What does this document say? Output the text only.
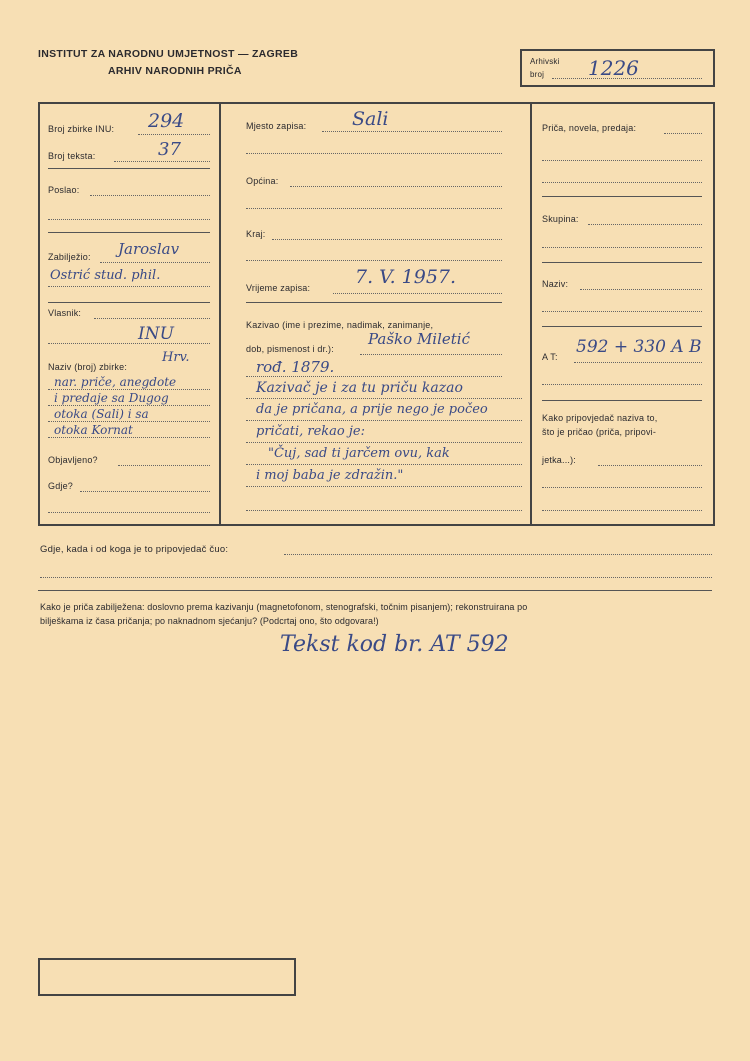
INSTITUT ZA NARODNU UMJETNOST — ZAGREB
ARHIV NARODNIH PRIČA
Arhivski
broj 1226
Broj zbirke INU: 294
Broj teksta:	37
Poslao:
Zabilježio: Jaroslav
Ostrić stud. phil.
Vlasnik:
INU
Naziv (broj) zbirke:
Hrv.
nar. priče, anegdote
i predaje sa Dugog
otoka (Sali) i sa
otoka Kornat
Objavljeno?
Gdje?
Mjesto zapisa: Sali
Općina:
Kraj:
Vrijeme zapisa: 7. V. 1957.
Kazivao (ime i prezime, nadimak, zanimanje,
dob, pismenost i dr.):
Paško Miletić
rođ. 1879.
Kazivač je i za tu priču kazao
da je pričana, a prije nego je počeo
pričati, rekao je:
"Čuj, sad ti jarčem ovu, kak
i moj baba je zdražin."
Priča, novela, predaja:
Skupina:
Naziv:
A T: 592 + 330 A B
Kako pripovjedač naziva to,
što je pričao (priča, pripovi-
jetka...):
Gdje, kada i od koga je to pripovjedač čuo:
Kako je priča zabilježena: doslovno prema kazivanju (magnetofonom, stenografski, točnim pisanjem); rekonstruirana po
bilješkama iz časa pričanja; po naknadnom sjećanju? (Podcrtaj ono, što odgovara!)
Tekst kod br. AT 592
